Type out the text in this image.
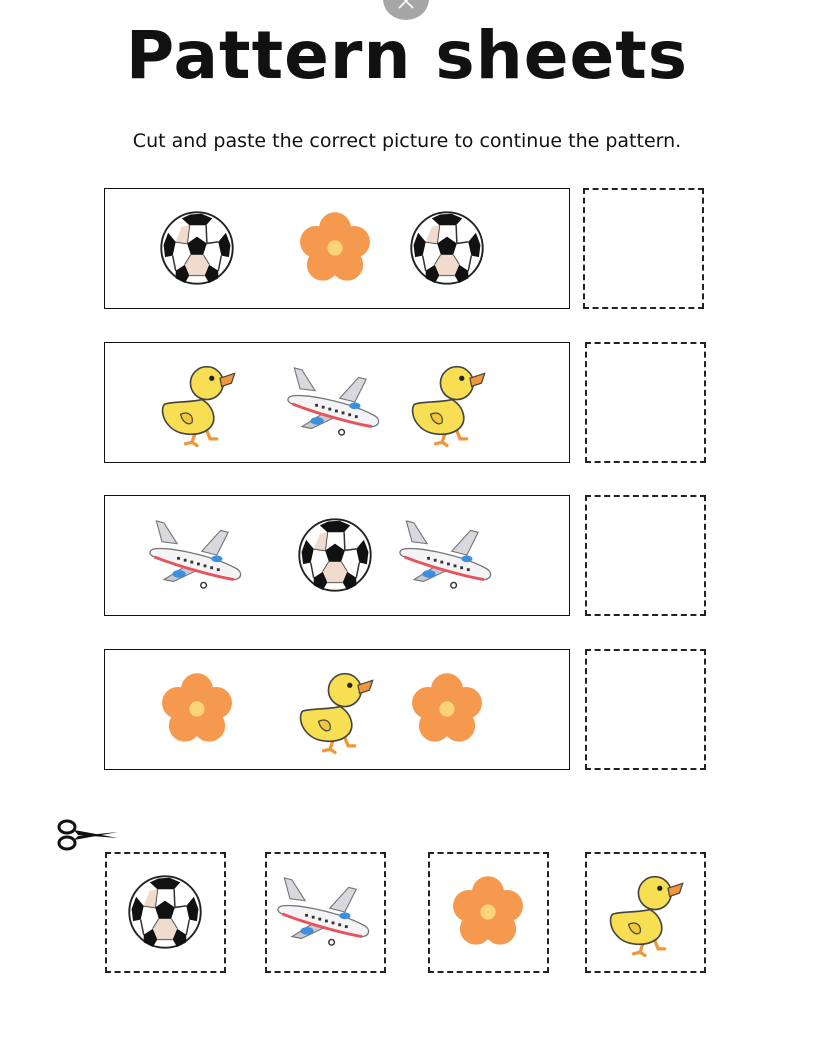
Pattern sheets
Cut and paste the correct picture to continue the pattern.
